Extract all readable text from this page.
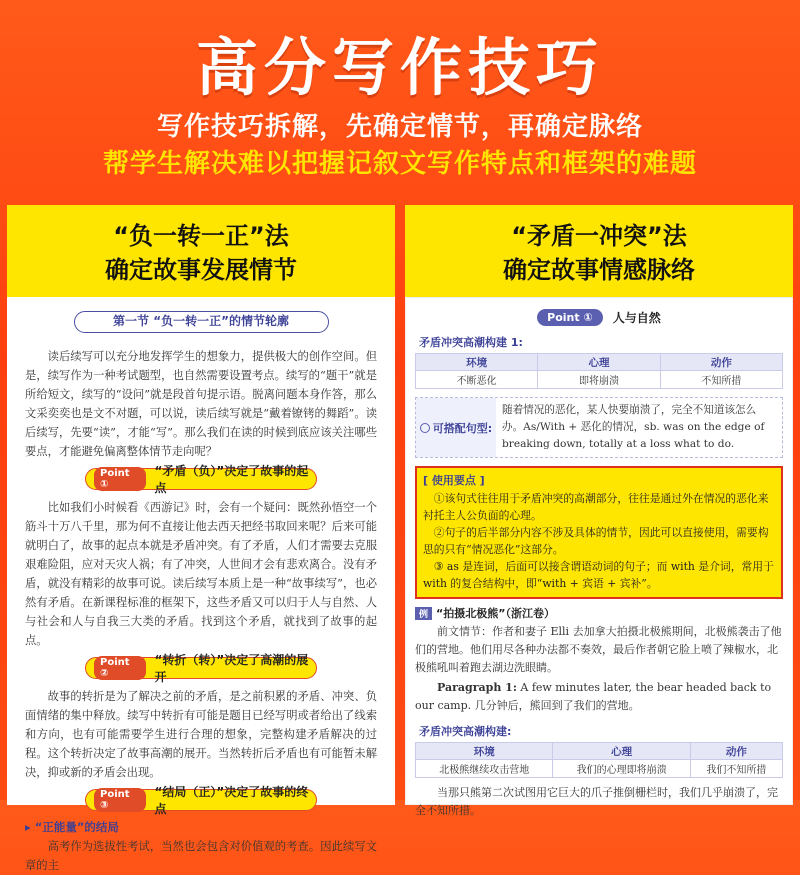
高分写作技巧
写作技巧拆解，先确定情节，再确定脉络
帮学生解决难以把握记叙文写作特点和框架的难题
“负一转一正”法
确定故事发展情节
第一节 “负一转一正”的情节轮廓

读后续写可以充分地发挥学生的想象力，提供极大的创作空间。但是，续写作为一种考试题型，也自然需要设置考点。续写的“题干”就是所给短文，续写的“设问”就是段首句提示语。脱离问题本身作答，那么文采奕奕也是文不对题，可以说，读后续写就是“戴着镣铐的舞蹈”。读后续写，先要“读”，才能“写”。那么我们在读的时候到底应该关注哪些要点，才能避免偏离整体情节走向呢？

Point ①
“矛盾（负）”决定了故事的起点

比如我们小时候看《西游记》时，会有一个疑问：既然孙悟空一个筋斗十万八千里，那为何不直接让他去西天把经书取回来呢？后来可能就明白了，故事的起点本就是矛盾冲突。有了矛盾，人们才需要去克服艰难险阻，应对天灾人祸；有了冲突，人世间才会有悲欢离合。没有矛盾，就没有精彩的故事可说。读后续写本质上是一种“故事续写”，也必然有矛盾。在新课程标准的框架下，这些矛盾又可以归于人与自然、人与社会和人与自我三大类的矛盾。找到这个矛盾，就找到了故事的起点。

Point ②
“转折（转）”决定了高潮的展开

故事的转折是为了解决之前的矛盾，是之前积累的矛盾、冲突、负面情绪的集中释放。续写中转折有可能是题目已经写明或者给出了线索和方向，也有可能需要学生进行合理的想象，完整构建矛盾解决的过程。这个转折决定了故事高潮的展开。当然转折后矛盾也有可能暂未解决，抑或新的矛盾会出现。

Point ③
“结局（正）”决定了故事的终点
▸ “正能量”的结局

高考作为选拔性考试，当然也会包含对价值观的考查。因此续写文章的主

“矛盾一冲突”法
确定故事情感脉络
Point ①	人与自然
矛盾冲突高潮构建 1:
环境	心理	动作
不断恶化	即将崩溃	不知所措
可搭配句型:
随着情况的恶化，某人快要崩溃了，完全不知道该怎么办。As/With + 恶化的情况，sb. was on the edge of breaking down, totally at a loss what to do.
[ 使用要点 ]

①该句式往往用于矛盾冲突的高潮部分，往往是通过外在情况的恶化来衬托主人公负面的心理。

②句子的后半部分内容不涉及具体的情节，因此可以直接使用，需要构思的只有“情况恶化”这部分。

③ as 是连词，后面可以接含谓语动词的句子；而 with 是介词，常用于 with 的复合结构中，即“with + 宾语 + 宾补”。

例 “拍摄北极熊”（浙江卷）

前文情节：作者和妻子 Elli 去加拿大拍摄北极熊期间，北极熊袭击了他们的营地。他们用尽各种办法都不奏效，最后作者朝它脸上喷了辣椒水，北极熊吼叫着跑去湖边洗眼睛。

Paragraph 1: A few minutes later, the bear headed back to our camp. 几分钟后，熊回到了我们的营地。

矛盾冲突高潮构建:
环境	心理	动作
北极熊继续攻击营地	我们的心理即将崩溃	我们不知所措

当那只熊第二次试图用它巨大的爪子推倒栅栏时，我们几乎崩溃了，完全不知所措。
